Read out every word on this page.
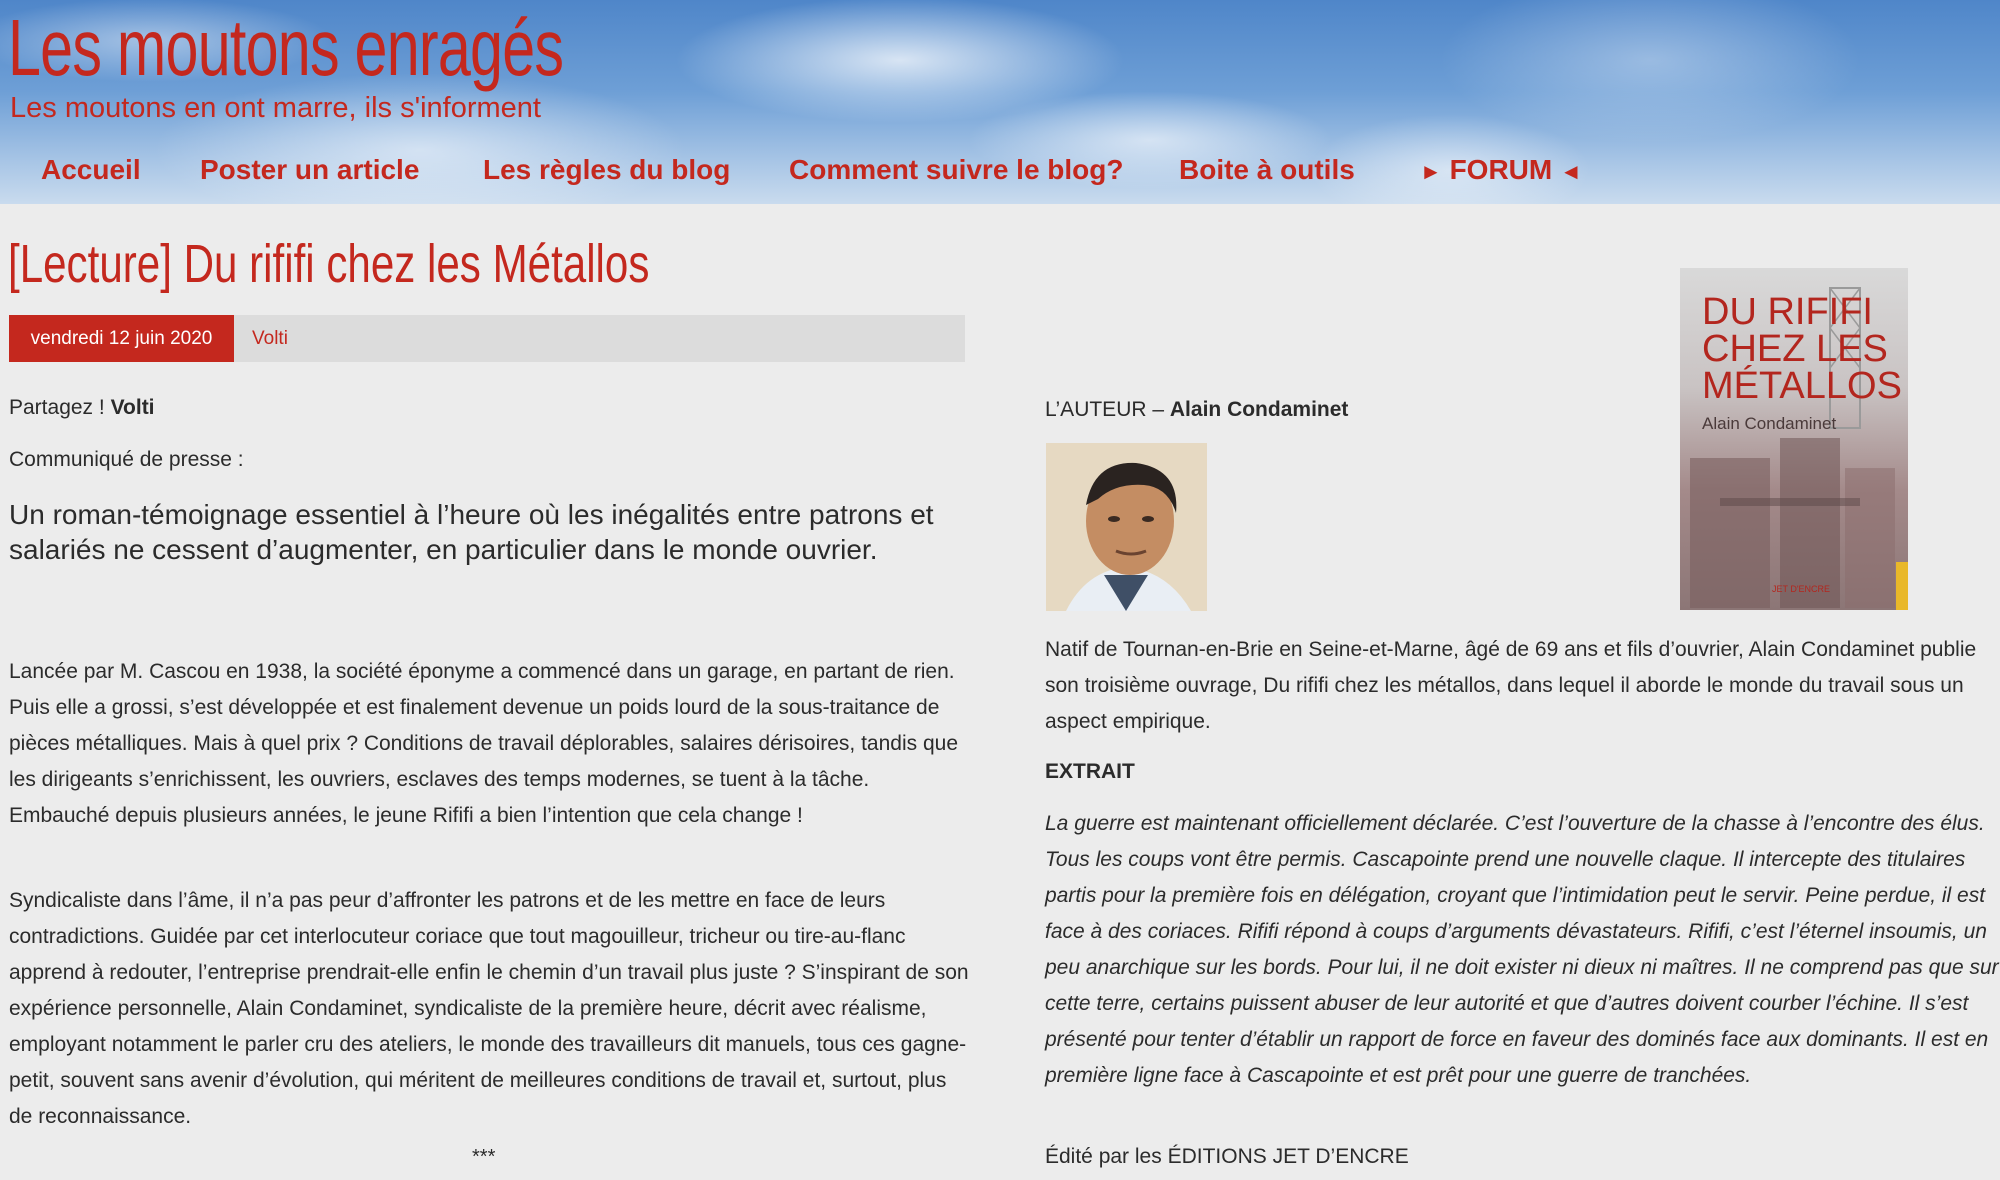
Les moutons enragés
Les moutons en ont marre, ils s'informent
Accueil Poster un article Les règles du blog Comment suivre le blog? Boite à outils	► FORUM ◄
[Lecture] Du rififi chez les Métallos
vendredi 12 juin 2020	Volti
Partagez ! Volti
Communiqué de presse :
Un roman-témoignage essentiel à l’heure où les inégalités entre patrons et salariés ne cessent d’augmenter, en particulier dans le monde ouvrier.
Lancée par M. Cascou en 1938, la société éponyme a commencé dans un garage, en partant de rien. Puis elle a grossi, s’est développée et est finalement devenue un poids lourd de la sous-traitance de pièces métalliques. Mais à quel prix ? Conditions de travail déplorables, salaires dérisoires, tandis que les dirigeants s’enrichissent, les ouvriers, esclaves des temps modernes, se tuent à la tâche. Embauché depuis plusieurs années, le jeune Rififi a bien l’intention que cela change !
Syndicaliste dans l’âme, il n’a pas peur d’affronter les patrons et de les mettre en face de leurs contradictions. Guidée par cet interlocuteur coriace que tout magouilleur, tricheur ou tire-au-flanc apprend à redouter, l’entreprise prendrait-elle enfin le chemin d’un travail plus juste ? S’inspirant de son expérience personnelle, Alain Condaminet, syndicaliste de la première heure, décrit avec réalisme, employant notamment le parler cru des ateliers, le monde des travailleurs dit manuels, tous ces gagne-petit, souvent sans avenir d’évolution, qui méritent de meilleures conditions de travail et, surtout, plus de reconnaissance.
***
DU RIFIFI CHEZ LES MÉTALLOS
Alain Condaminet
JET D'ENCRE
L’AUTEUR – Alain Condaminet
Natif de Tournan-en-Brie en Seine-et-Marne, âgé de 69 ans et fils d’ouvrier, Alain Condaminet publie son troisième ouvrage, Du rififi chez les métallos, dans lequel il aborde le monde du travail sous un aspect empirique.
EXTRAIT
La guerre est maintenant officiellement déclarée. C’est l’ouverture de la chasse à l’encontre des élus. Tous les coups vont être permis. Cascapointe prend une nouvelle claque. Il intercepte des titulaires partis pour la première fois en délégation, croyant que l’intimidation peut le servir. Peine perdue, il est face à des coriaces. Rififi répond à coups d’arguments dévastateurs. Rififi, c’est l’éternel insoumis, un peu anarchique sur les bords. Pour lui, il ne doit exister ni dieux ni maîtres. Il ne comprend pas que sur cette terre, certains puissent abuser de leur autorité et que d’autres doivent courber l’échine. Il s’est présenté pour tenter d’établir un rapport de force en faveur des dominés face aux dominants. Il est en première ligne face à Cascapointe et est prêt pour une guerre de tranchées.
Édité par les ÉDITIONS JET D’ENCRE
